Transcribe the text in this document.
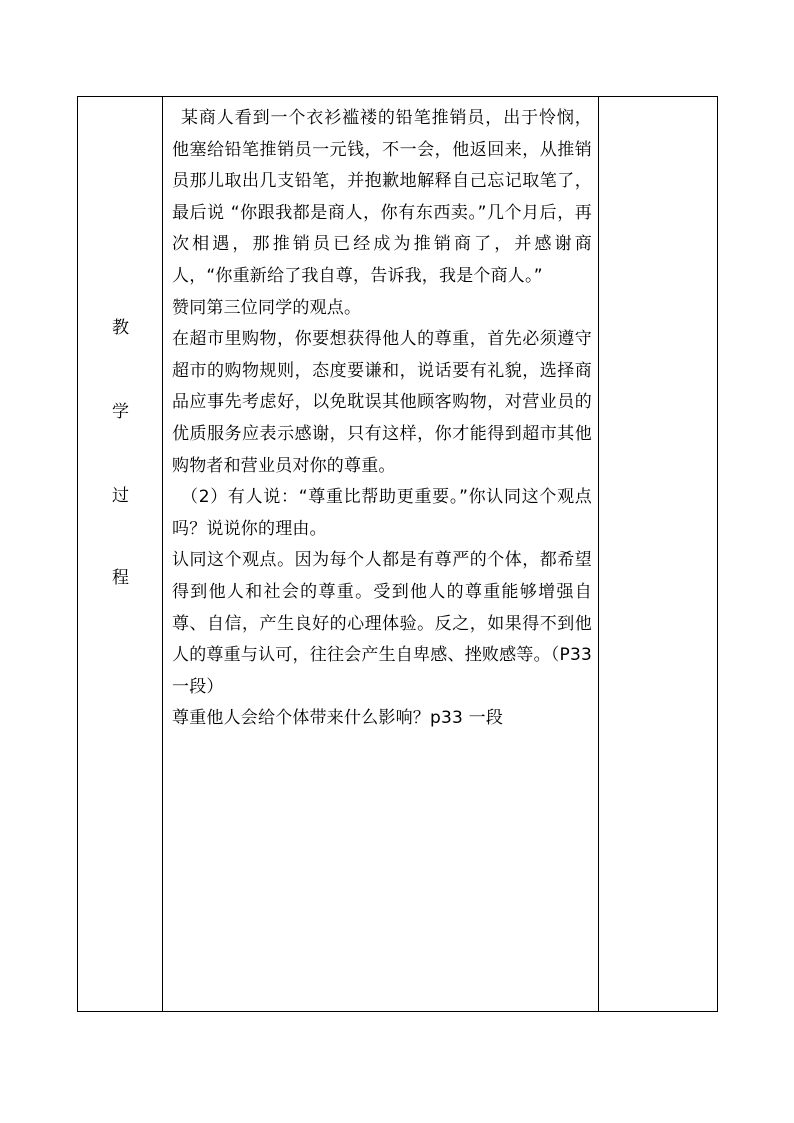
教
学
过
程

某商人看到一个衣衫褴褛的铅笔推销员，出于怜悯，他塞给铅笔推销员一元钱，不一会，他返回来，从推销员那儿取出几支铅笔，并抱歉地解释自己忘记取笔了，最后说 “你跟我都是商人，你有东西卖。”几个月后，再次相遇，那推销员已经成为推销商了，并感谢商人，“你重新给了我自尊，告诉我，我是个商人。”

赞同第三位同学的观点。

在超市里购物，你要想获得他人的尊重，首先必须遵守超市的购物规则，态度要谦和，说话要有礼貌，选择商品应事先考虑好，以免耽误其他顾客购物，对营业员的优质服务应表示感谢，只有这样，你才能得到超市其他购物者和营业员对你的尊重。

（2）有人说：“尊重比帮助更重要。”你认同这个观点吗？说说你的理由。

认同这个观点。因为每个人都是有尊严的个体，都希望得到他人和社会的尊重。受到他人的尊重能够增强自尊、自信，产生良好的心理体验。反之，如果得不到他人的尊重与认可，往往会产生自卑感、挫败感等。（P33 一段）

尊重他人会给个体带来什么影响？p33 一段
